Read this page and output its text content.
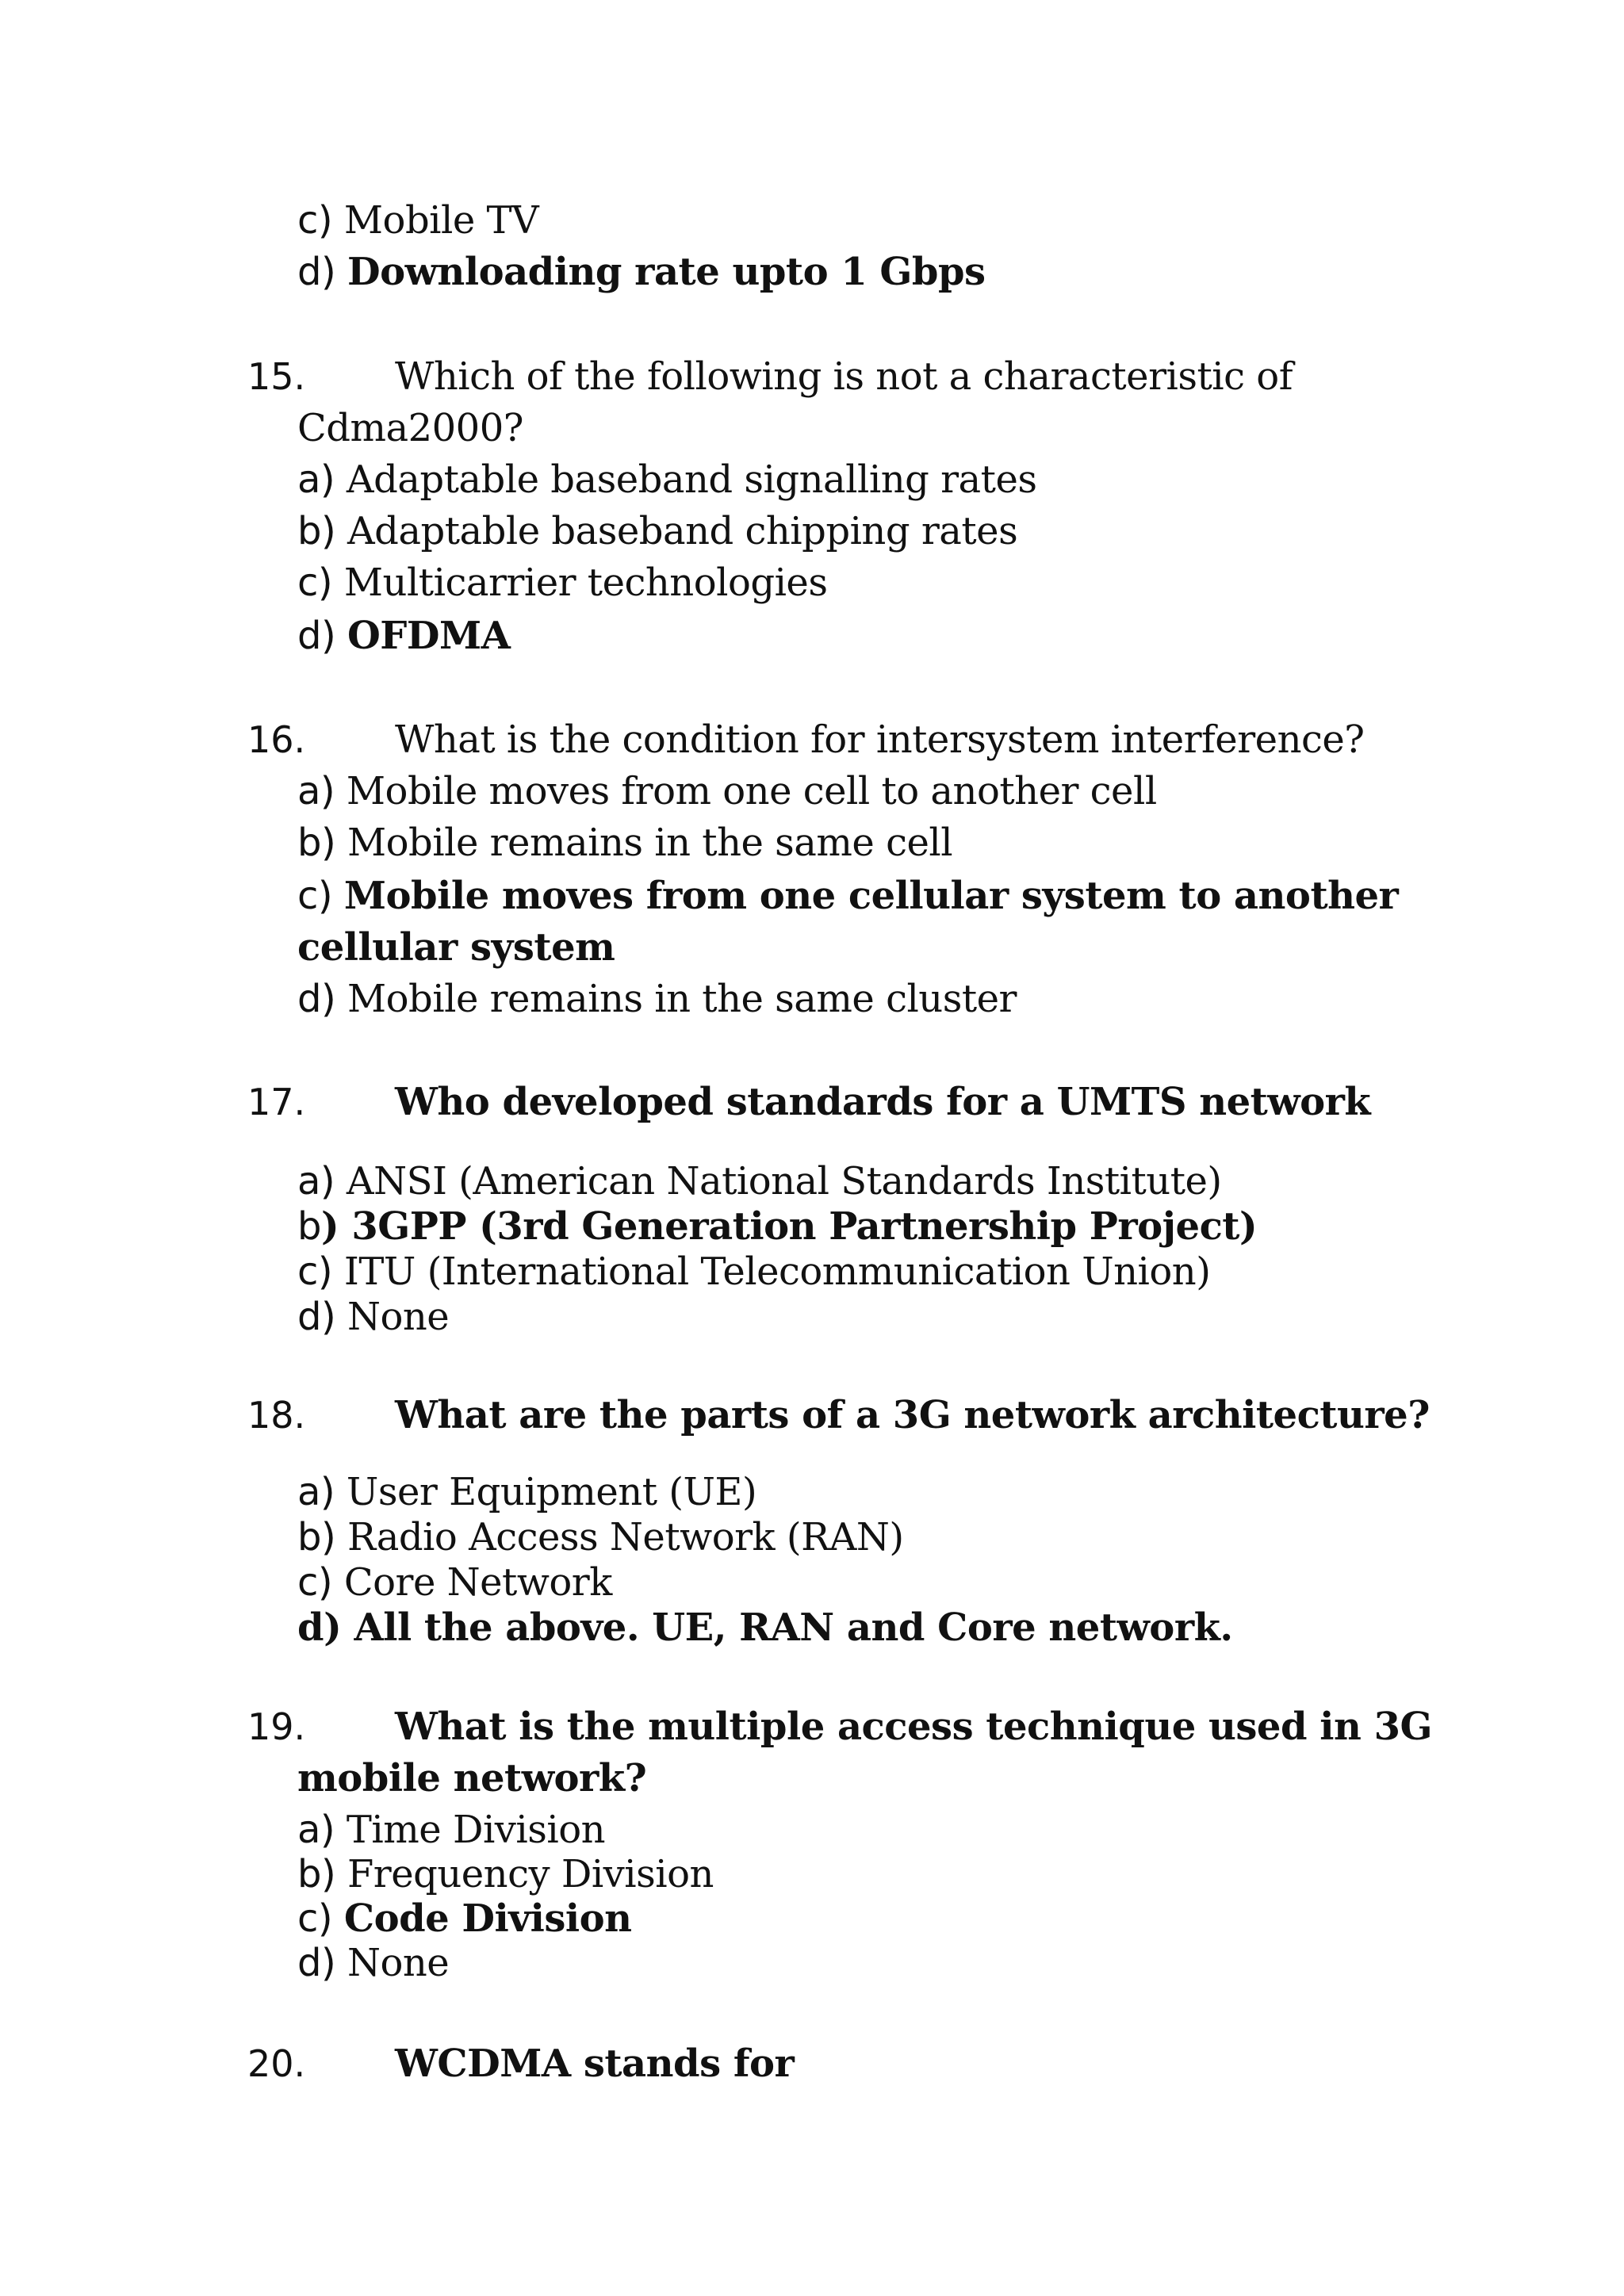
c) Mobile TV
d) Downloading rate upto 1 Gbps
15. Which of the following is not a characteristic of
Cdma2000?
a) Adaptable baseband signalling rates
b) Adaptable baseband chipping rates
c) Multicarrier technologies
d) OFDMA
16. What is the condition for intersystem interference?
a) Mobile moves from one cell to another cell
b) Mobile remains in the same cell
c) Mobile moves from one cellular system to another
cellular system
d) Mobile remains in the same cluster
17. Who developed standards for a UMTS network
a) ANSI (American National Standards Institute)
b) 3GPP (3rd Generation Partnership Project)
c) ITU (International Telecommunication Union)
d) None
18. What are the parts of a 3G network architecture?
a) User Equipment (UE)
b) Radio Access Network (RAN)
c) Core Network
d) All the above. UE, RAN and Core network.
19. What is the multiple access technique used in 3G
mobile network?
a) Time Division
b) Frequency Division
c) Code Division
d) None
20. WCDMA stands for
